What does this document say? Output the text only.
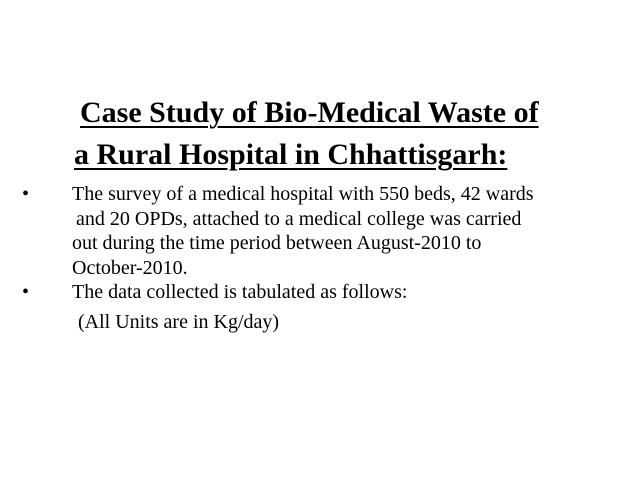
Case Study of Bio-Medical Waste of
a Rural Hospital in Chhattisgarh:
•	The survey of a medical hospital with 550 beds, 42 wards
and 20 OPDs, attached to a medical college was carried
out during the time period between August-2010 to
October-2010.
•	The data collected is tabulated as follows:
(All Units are in Kg/day)
